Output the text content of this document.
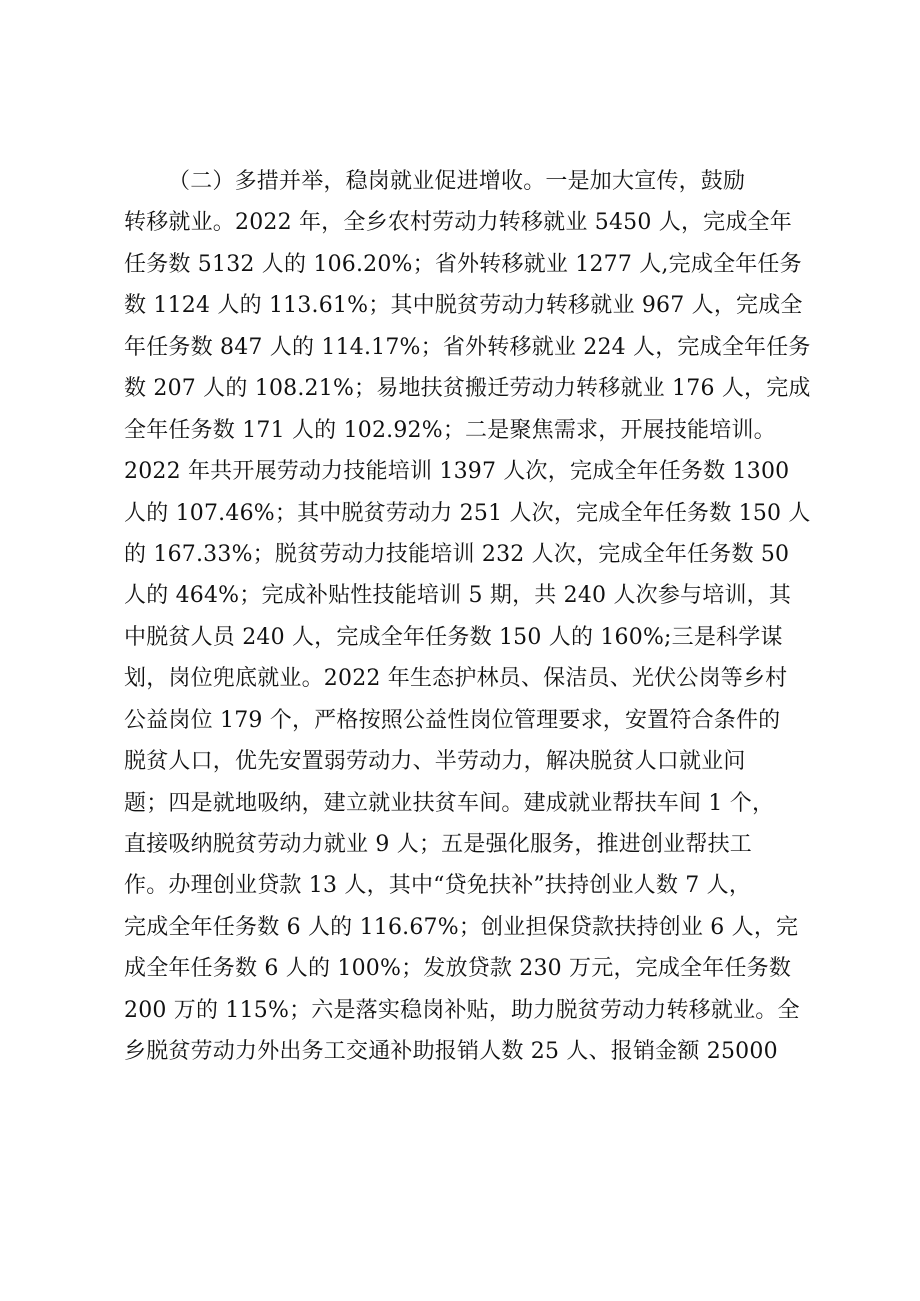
（二）多措并举，稳岗就业促进增收。一是加大宣传，鼓励
转移就业。2022 年，全乡农村劳动力转移就业 5450 人，完成全年
任务数 5132 人的 106.20%；省外转移就业 1277 人,完成全年任务
数 1124 人的 113.61%；其中脱贫劳动力转移就业 967 人，完成全
年任务数 847 人的 114.17%；省外转移就业 224 人，完成全年任务
数 207 人的 108.21%；易地扶贫搬迁劳动力转移就业 176 人，完成
全年任务数 171 人的 102.92%；二是聚焦需求，开展技能培训。
2022 年共开展劳动力技能培训 1397 人次，完成全年任务数 1300
人的 107.46%；其中脱贫劳动力 251 人次，完成全年任务数 150 人
的 167.33%；脱贫劳动力技能培训 232 人次，完成全年任务数 50
人的 464%；完成补贴性技能培训 5 期，共 240 人次参与培训，其
中脱贫人员 240 人，完成全年任务数 150 人的 160%;三是科学谋
划，岗位兜底就业。2022 年生态护林员、保洁员、光伏公岗等乡村
公益岗位 179 个，严格按照公益性岗位管理要求，安置符合条件的
脱贫人口，优先安置弱劳动力、半劳动力，解决脱贫人口就业问
题；四是就地吸纳，建立就业扶贫车间。建成就业帮扶车间 1 个，
直接吸纳脱贫劳动力就业 9 人；五是强化服务，推进创业帮扶工
作。办理创业贷款 13 人，其中“贷免扶补”扶持创业人数 7 人，
完成全年任务数 6 人的 116.67%；创业担保贷款扶持创业 6 人，完
成全年任务数 6 人的 100%；发放贷款 230 万元，完成全年任务数
200 万的 115%；六是落实稳岗补贴，助力脱贫劳动力转移就业。全
乡脱贫劳动力外出务工交通补助报销人数 25 人、报销金额 25000
